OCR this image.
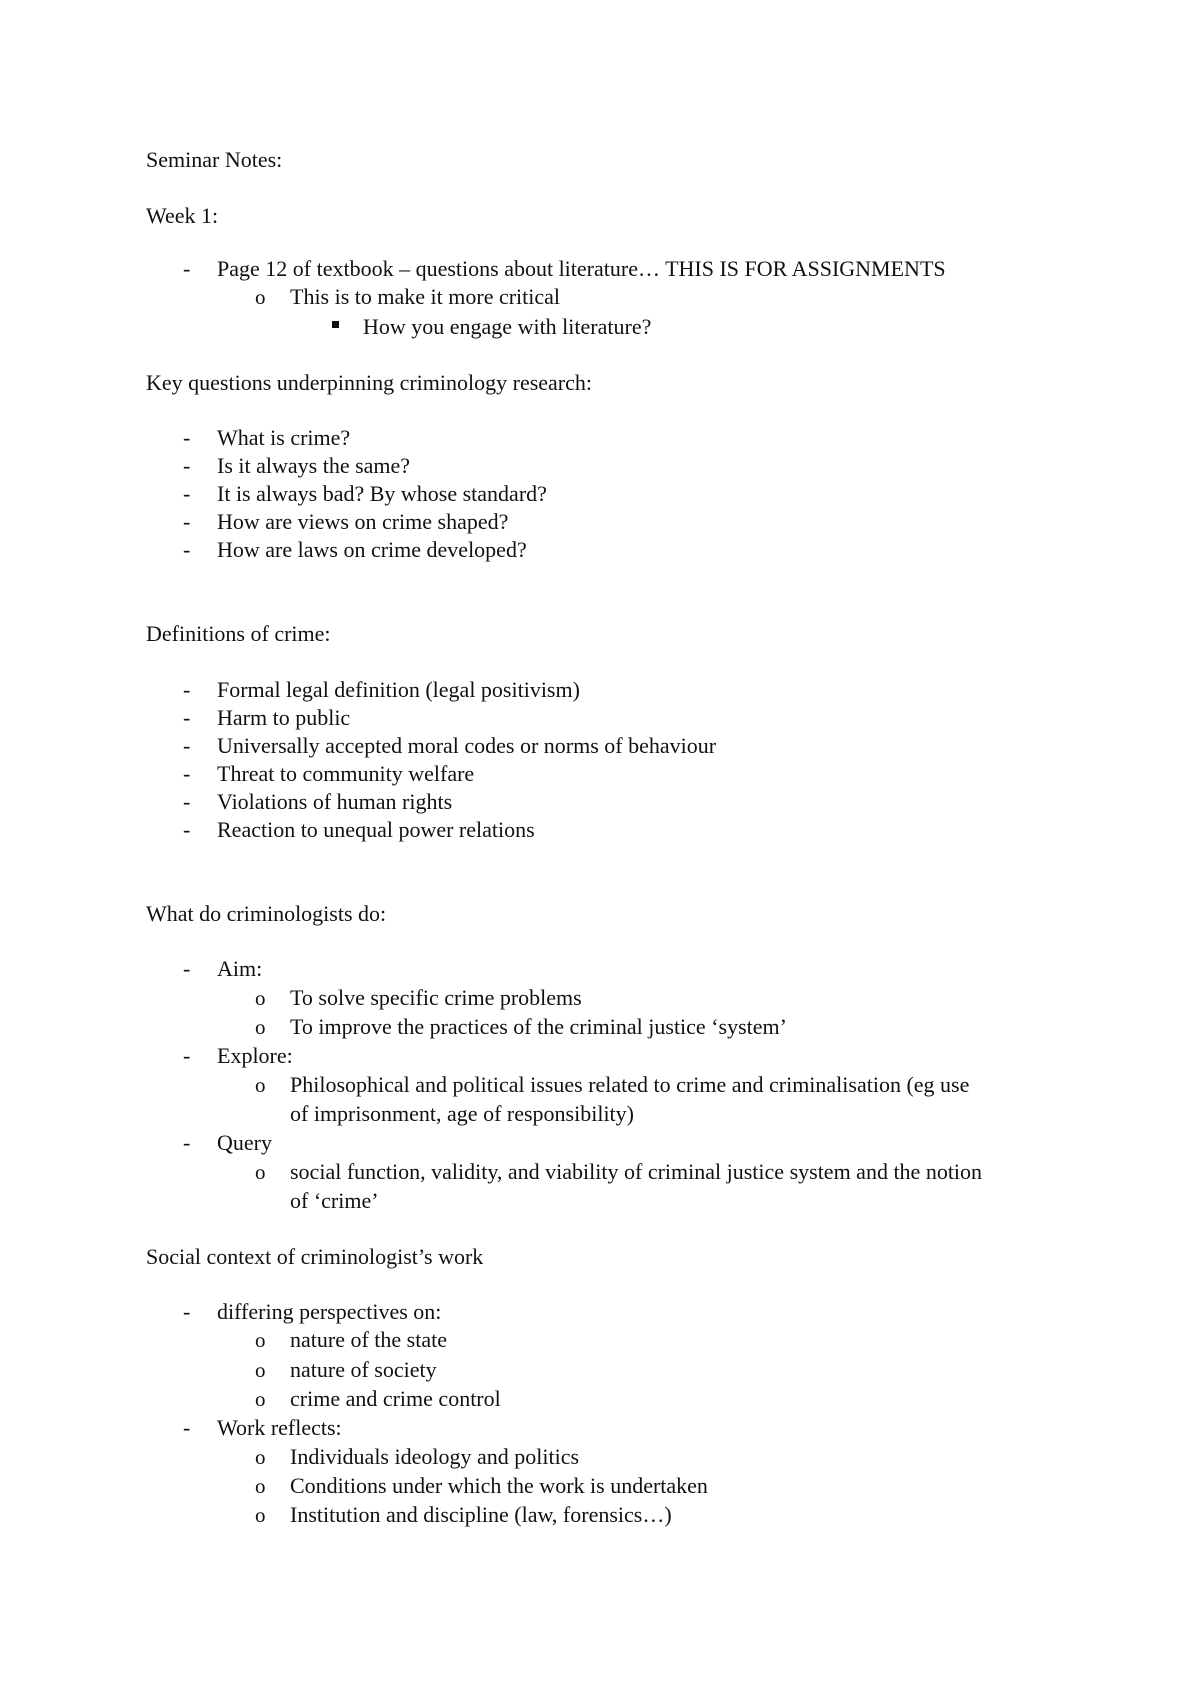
Seminar Notes:
Week 1:
- Page 12 of textbook – questions about literature… THIS IS FOR ASSIGNMENTS
o This is to make it more critical
How you engage with literature?
Key questions underpinning criminology research:
- What is crime?
- Is it always the same?
- It is always bad? By whose standard?
- How are views on crime shaped?
- How are laws on crime developed?
Definitions of crime:
- Formal legal definition (legal positivism)
- Harm to public
- Universally accepted moral codes or norms of behaviour
- Threat to community welfare
- Violations of human rights
- Reaction to unequal power relations
What do criminologists do:
- Aim:
o To solve specific crime problems
o To improve the practices of the criminal justice ‘system’
- Explore:
o Philosophical and political issues related to crime and criminalisation (eg use
of imprisonment, age of responsibility)
- Query
o social function, validity, and viability of criminal justice system and the notion
of ‘crime’
Social context of criminologist’s work
- differing perspectives on:
o nature of the state
o nature of society
o crime and crime control
- Work reflects:
o Individuals ideology and politics
o Conditions under which the work is undertaken
o Institution and discipline (law, forensics…)
